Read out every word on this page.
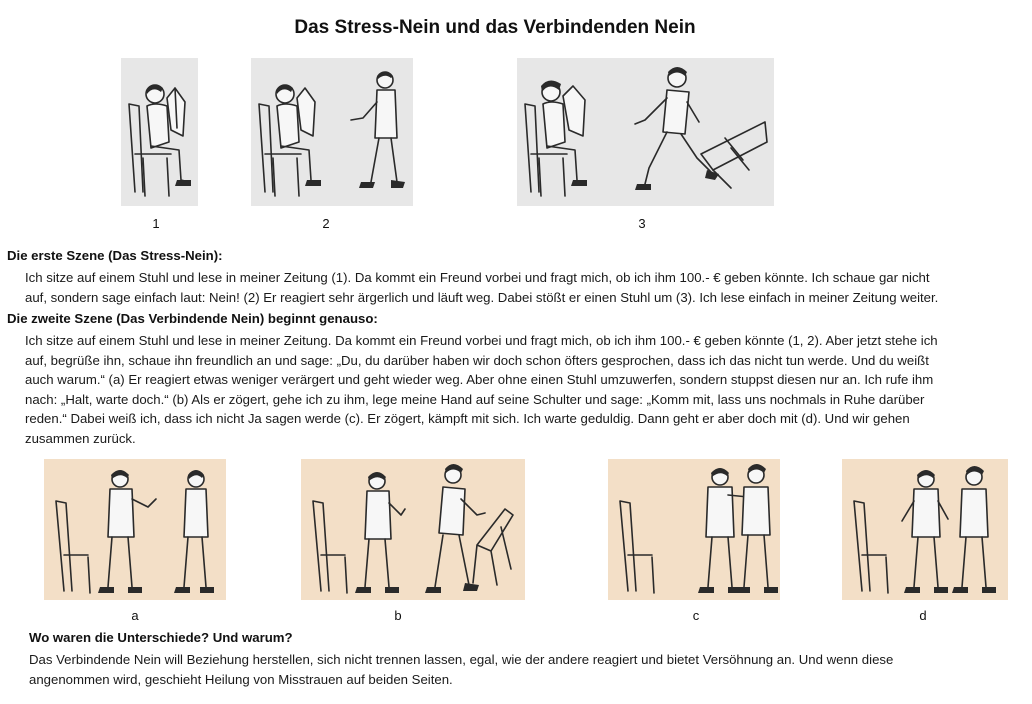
Das Stress-Nein und das Verbindenden Nein
1	2	3
Die erste Szene (Das Stress-Nein):

Ich sitze auf einem Stuhl und lese in meiner Zeitung (1). Da kommt ein Freund vorbei und fragt mich, ob ich ihm 100.- € geben könnte. Ich schaue gar nicht
auf, sondern sage einfach laut: Nein! (2) Er reagiert sehr ärgerlich und läuft weg. Dabei stößt er einen Stuhl um (3). Ich lese einfach in meiner Zeitung weiter.

Die zweite Szene (Das Verbindende Nein) beginnt genauso:

Ich sitze auf einem Stuhl und lese in meiner Zeitung. Da kommt ein Freund vorbei und fragt mich, ob ich ihm 100.- € geben könnte (1, 2). Aber jetzt stehe ich
auf, begrüße ihn, schaue ihn freundlich an und sage: „Du, du darüber haben wir doch schon öfters gesprochen, dass ich das nicht tun werde. Und du weißt
auch warum.“ (a) Er reagiert etwas weniger verärgert und geht wieder weg. Aber ohne einen Stuhl umzuwerfen, sondern stuppst diesen nur an. Ich rufe ihm
nach: „Halt, warte doch.“ (b) Als er zögert, gehe ich zu ihm, lege meine Hand auf seine Schulter und sage: „Komm mit, lass uns nochmals in Ruhe darüber
reden.“ Dabei weiß ich, dass ich nicht Ja sagen werde (c). Er zögert, kämpft mit sich. Ich warte geduldig. Dann geht er aber doch mit (d). Und wir gehen
zusammen zurück.

a	b	c	d
Wo waren die Unterschiede? Und warum?

Das Verbindende Nein will Beziehung herstellen, sich nicht trennen lassen, egal, wie der andere reagiert und bietet Versöhnung an. Und wenn diese
angenommen wird, geschieht Heilung von Misstrauen auf beiden Seiten.
